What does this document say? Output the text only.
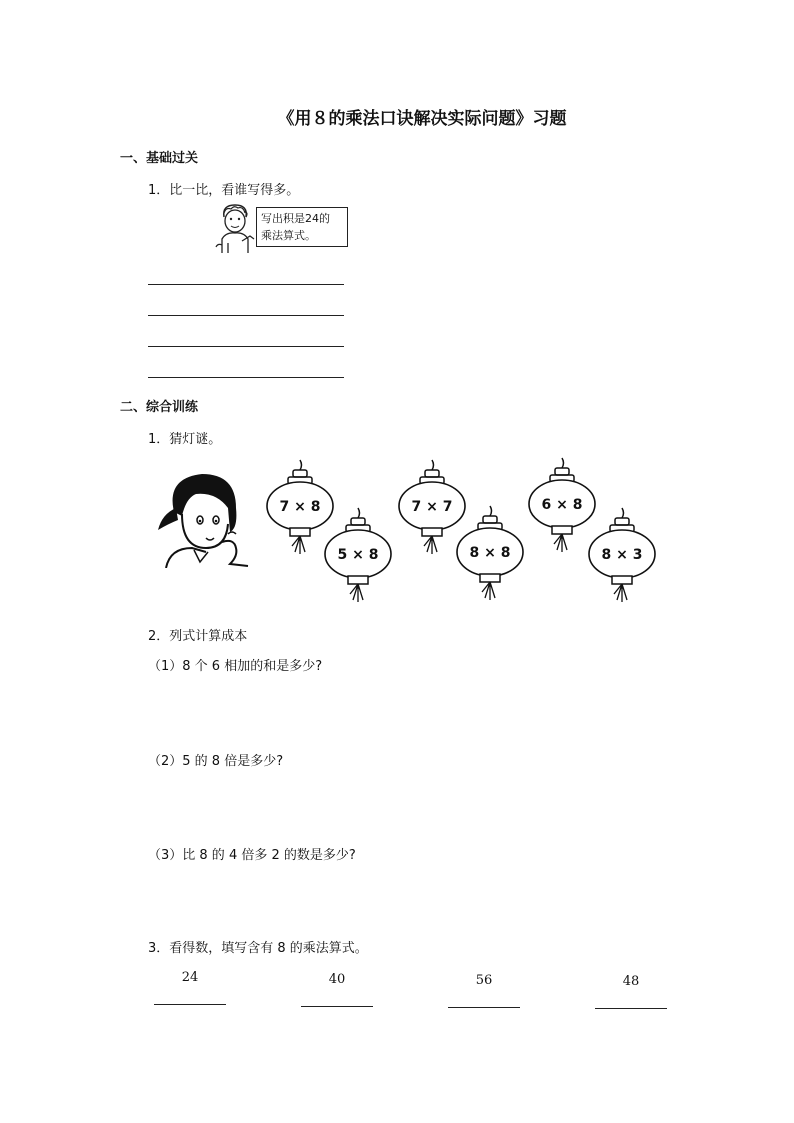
《用８的乘法口诀解决实际问题》习题
一、基础过关
1．比一比，看谁写得多。
写出积是24的
乘法算式。
二、综合训练
1．猜灯谜。
7 × 8
5 × 8
7 × 7
8 × 8
6 × 8
8 × 3
2．列式计算成本
（1）8 个 6 相加的和是多少?
（2）5 的 8 倍是多少?
（3）比 8 的 4 倍多 2 的数是多少?
3．看得数，填写含有 8 的乘法算式。
24	40	56	48
